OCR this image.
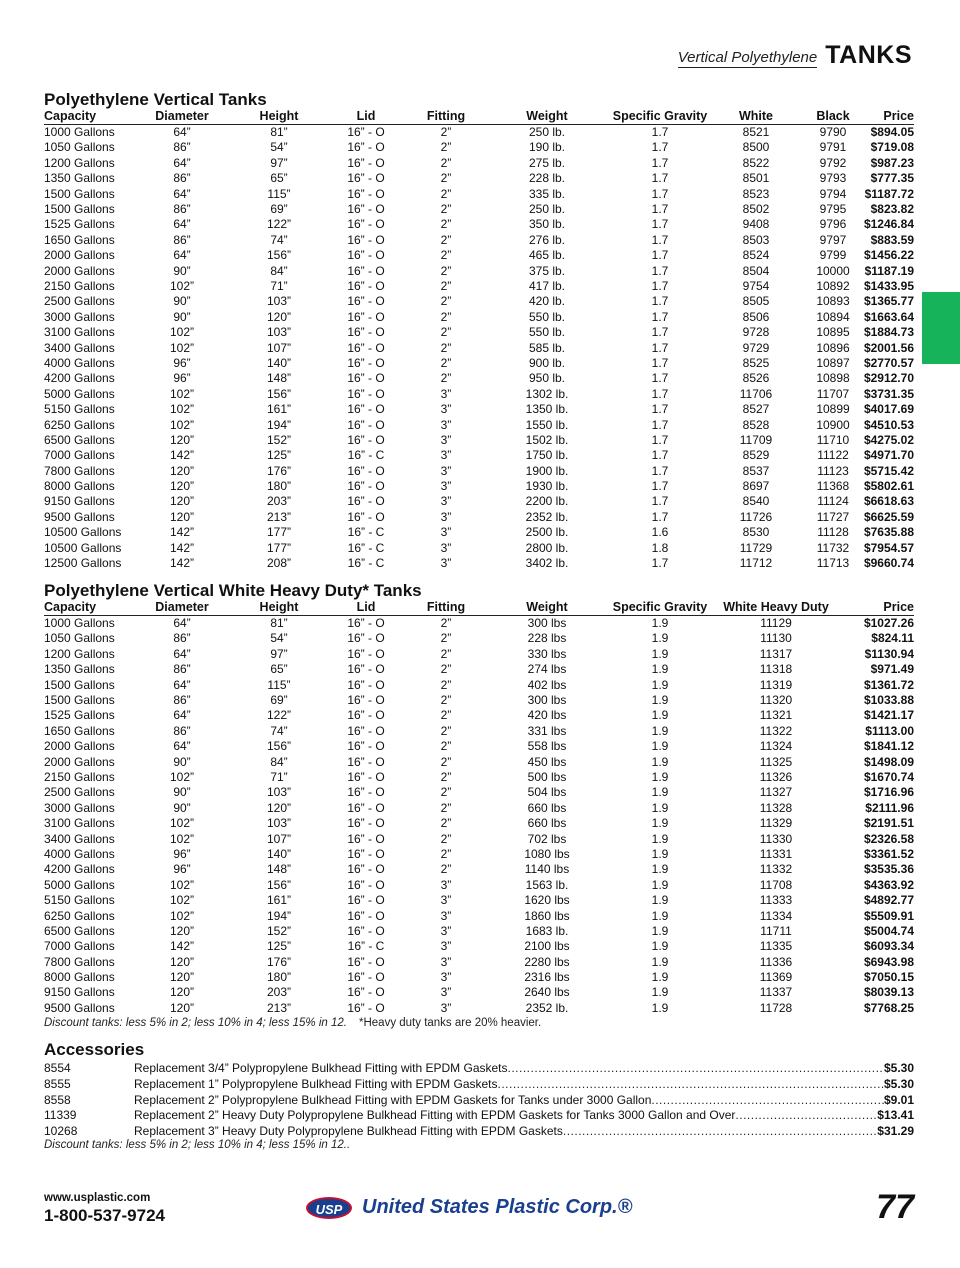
Vertical Polyethylene TANKS
Polyethylene Vertical Tanks
Capacity	Diameter	Height	Lid	Fitting	Weight	Specific Gravity	White	Black	Price
1000 Gallons	64”	81”	16” - O	2”	250 lb.	1.7	8521	9790	$894.05
1050 Gallons	86”	54”	16” - O	2”	190 lb.	1.7	8500	9791	$719.08
1200 Gallons	64”	97”	16” - O	2”	275 lb.	1.7	8522	9792	$987.23
1350 Gallons	86”	65”	16” - O	2”	228 lb.	1.7	8501	9793	$777.35
1500 Gallons	64”	115”	16” - O	2”	335 lb.	1.7	8523	9794	$1187.72
1500 Gallons	86”	69”	16” - O	2”	250 lb.	1.7	8502	9795	$823.82
1525 Gallons	64”	122”	16” - O	2”	350 lb.	1.7	9408	9796	$1246.84
1650 Gallons	86”	74”	16” - O	2”	276 lb.	1.7	8503	9797	$883.59
2000 Gallons	64”	156”	16” - O	2”	465 lb.	1.7	8524	9799	$1456.22
2000 Gallons	90”	84”	16” - O	2”	375 lb.	1.7	8504	10000	$1187.19
2150 Gallons	102”	71”	16” - O	2”	417 lb.	1.7	9754	10892	$1433.95
2500 Gallons	90”	103”	16” - O	2”	420 lb.	1.7	8505	10893	$1365.77
3000 Gallons	90”	120”	16” - O	2”	550 lb.	1.7	8506	10894	$1663.64
3100 Gallons	102”	103”	16” - O	2”	550 lb.	1.7	9728	10895	$1884.73
3400 Gallons	102”	107”	16” - O	2”	585 lb.	1.7	9729	10896	$2001.56
4000 Gallons	96”	140”	16” - O	2”	900 lb.	1.7	8525	10897	$2770.57
4200 Gallons	96”	148”	16” - O	2”	950 lb.	1.7	8526	10898	$2912.70
5000 Gallons	102”	156”	16” - O	3”	1302 lb.	1.7	11706	11707	$3731.35
5150 Gallons	102”	161”	16” - O	3”	1350 lb.	1.7	8527	10899	$4017.69
6250 Gallons	102”	194”	16” - O	3”	1550 lb.	1.7	8528	10900	$4510.53
6500 Gallons	120”	152”	16” - O	3”	1502 lb.	1.7	11709	11710	$4275.02
7000 Gallons	142”	125”	16” - C	3”	1750 lb.	1.7	8529	11122	$4971.70
7800 Gallons	120”	176”	16” - O	3”	1900 lb.	1.7	8537	11123	$5715.42
8000 Gallons	120”	180”	16” - O	3”	1930 lb.	1.7	8697	11368	$5802.61
9150 Gallons	120”	203”	16” - O	3”	2200 lb.	1.7	8540	11124	$6618.63
9500 Gallons	120”	213”	16” - O	3”	2352 lb.	1.7	11726	11727	$6625.59
10500 Gallons	142”	177”	16” - C	3”	2500 lb.	1.6	8530	11128	$7635.88
10500 Gallons	142”	177”	16” - C	3”	2800 lb.	1.8	11729	11732	$7954.57
12500 Gallons	142”	208”	16” - C	3”	3402 lb.	1.7	11712	11713	$9660.74
Polyethylene Vertical White Heavy Duty* Tanks
Capacity	Diameter	Height	Lid	Fitting	Weight	Specific Gravity	White Heavy Duty	Price
1000 Gallons	64”	81”	16” - O	2”	300 lbs	1.9	11129	$1027.26
1050 Gallons	86”	54”	16” - O	2”	228 lbs	1.9	11130	$824.11
1200 Gallons	64”	97”	16” - O	2”	330 lbs	1.9	11317	$1130.94
1350 Gallons	86”	65”	16” - O	2”	274 lbs	1.9	11318	$971.49
1500 Gallons	64”	115”	16” - O	2”	402 lbs	1.9	11319	$1361.72
1500 Gallons	86”	69”	16” - O	2”	300 lbs	1.9	11320	$1033.88
1525 Gallons	64”	122”	16” - O	2”	420 lbs	1.9	11321	$1421.17
1650 Gallons	86”	74”	16” - O	2”	331 lbs	1.9	11322	$1113.00
2000 Gallons	64”	156”	16” - O	2”	558 lbs	1.9	11324	$1841.12
2000 Gallons	90”	84”	16” - O	2”	450 lbs	1.9	11325	$1498.09
2150 Gallons	102”	71”	16” - O	2”	500 lbs	1.9	11326	$1670.74
2500 Gallons	90”	103”	16” - O	2”	504 lbs	1.9	11327	$1716.96
3000 Gallons	90”	120”	16” - O	2”	660 lbs	1.9	11328	$2111.96
3100 Gallons	102”	103”	16” - O	2”	660 lbs	1.9	11329	$2191.51
3400 Gallons	102”	107”	16” - O	2”	702 lbs	1.9	11330	$2326.58
4000 Gallons	96”	140”	16” - O	2”	1080 lbs	1.9	11331	$3361.52
4200 Gallons	96”	148”	16” - O	2”	1140 lbs	1.9	11332	$3535.36
5000 Gallons	102”	156”	16” - O	3”	1563 lb.	1.9	11708	$4363.92
5150 Gallons	102”	161”	16” - O	3”	1620 lbs	1.9	11333	$4892.77
6250 Gallons	102”	194”	16” - O	3”	1860 lbs	1.9	11334	$5509.91
6500 Gallons	120”	152”	16” - O	3”	1683 lb.	1.9	11711	$5004.74
7000 Gallons	142”	125”	16” - C	3”	2100 lbs	1.9	11335	$6093.34
7800 Gallons	120”	176”	16” - O	3”	2280 lbs	1.9	11336	$6943.98
8000 Gallons	120”	180”	16” - O	3”	2316 lbs	1.9	11369	$7050.15
9150 Gallons	120”	203”	16” - O	3”	2640 lbs	1.9	11337	$8039.13
9500 Gallons	120”	213”	16” - O	3”	2352 lb.	1.9	11728	$7768.25
Discount tanks: less 5% in 2; less 10% in 4; less 15% in 12. *Heavy duty tanks are 20% heavier.
Accessories
8554	Replacement 3/4” Polypropylene Bulkhead Fitting with EPDM Gaskets .....	$5.30
8555	Replacement 1” Polypropylene Bulkhead Fitting with EPDM Gaskets .....	$5.30
8558	Replacement 2” Polypropylene Bulkhead Fitting with EPDM Gaskets for Tanks under 3000 Gallon .....	$9.01
11339	Replacement 2” Heavy Duty Polypropylene Bulkhead Fitting with EPDM Gaskets for Tanks 3000 Gallon and Over .....	$13.41
10268	Replacement 3” Heavy Duty Polypropylene Bulkhead Fitting with EPDM Gaskets .....	$31.29
Discount tanks: less 5% in 2; less 10% in 4; less 15% in 12..
www.usplastic.com
1-800-537-9724	USP United States Plastic Corp.®	77
